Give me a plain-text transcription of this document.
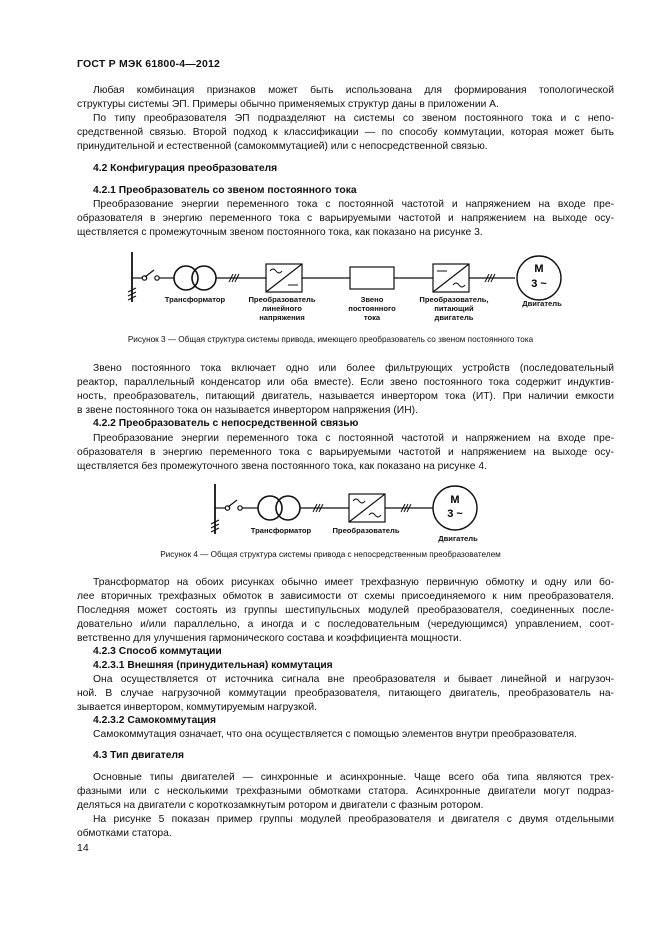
ГОСТ Р МЭК 61800-4—2012
Любая комбинация признаков может быть использована для формирования топологической
структуры системы ЭП. Примеры обычно применяемых структур даны в приложении А.
По типу преобразователя ЭП подразделяют на системы со звеном постоянного тока и с непо-
средственной связью. Второй подход к классификации — по способу коммутации, которая может быть
принудительной и естественной (самокоммутацией) или с непосредственной связью.
4.2 Конфигурация преобразователя
4.2.1 Преобразователь со звеном постоянного тока
Преобразование энергии переменного тока с постоянной частотой и напряжением на входе пре-
образователя в энергию переменного тока с варьируемыми частотой и напряжением на выходе осу-
ществляется с промежуточным звеном постоянного тока, как показано на рисунке 3.
M
3 ~
Трансформатор	Преобразователь
линейного
напряжения
Звено
постоянного
тока
Преобразователь,
питающий
двигатель
Двигатель
Рисунок 3 — Общая структура системы привода, имеющего преобразователь со звеном постоянного тока
Звено постоянного тока включает одно или более фильтрующих устройств (последовательный
реактор, параллельный конденсатор или оба вместе). Если звено постоянного тока содержит индуктив-
ность, преобразователь, питающий двигатель, называется инвертором тока (ИТ). При наличии емкости
в звене постоянного тока он называется инвертором напряжения (ИН).
4.2.2 Преобразователь с непосредственной связью
Преобразование энергии переменного тока с постоянной частотой и напряжением на входе пре-
образователя в энергию переменного тока с варьируемыми частотой и напряжением на выходе осу-
ществляется без промежуточного звена постоянного тока, как показано на рисунке 4.
M
3 ~
Трансформатор	Преобразователь
Двигатель
Рисунок 4 — Общая структура системы привода с непосредственным преобразователем
Трансформатор на обоих рисунках обычно имеет трехфазную первичную обмотку и одну или бо-
лее вторичных трехфазных обмоток в зависимости от схемы присоединяемого к ним преобразователя.
Последняя может состоять из группы шестипульсных модулей преобразователя, соединенных после-
довательно и/или параллельно, а иногда и с последовательным (чередующимся) управлением, соот-
ветственно для улучшения гармонического состава и коэффициента мощности.
4.2.3 Способ коммутации
4.2.3.1 Внешняя (принудительная) коммутация
Она осуществляется от источника сигнала вне преобразователя и бывает линейной и нагрузоч-
ной. В случае нагрузочной коммутации преобразователя, питающего двигатель, преобразователь на-
зывается инвертором, коммутируемым нагрузкой.
4.2.3.2 Самокоммутация
Самокоммутация означает, что она осуществляется с помощью элементов внутри преобразователя.
4.3 Тип двигателя
Основные типы двигателей — синхронные и асинхронные. Чаще всего оба типа являются трех-
фазными или с несколькими трехфазными обмотками статора. Асинхронные двигатели могут подраз-
деляться на двигатели с короткозамкнутым ротором и двигатели с фазным ротором.
На рисунке 5 показан пример группы модулей преобразователя и двигателя с двумя отдельными
обмотками статора.
14
